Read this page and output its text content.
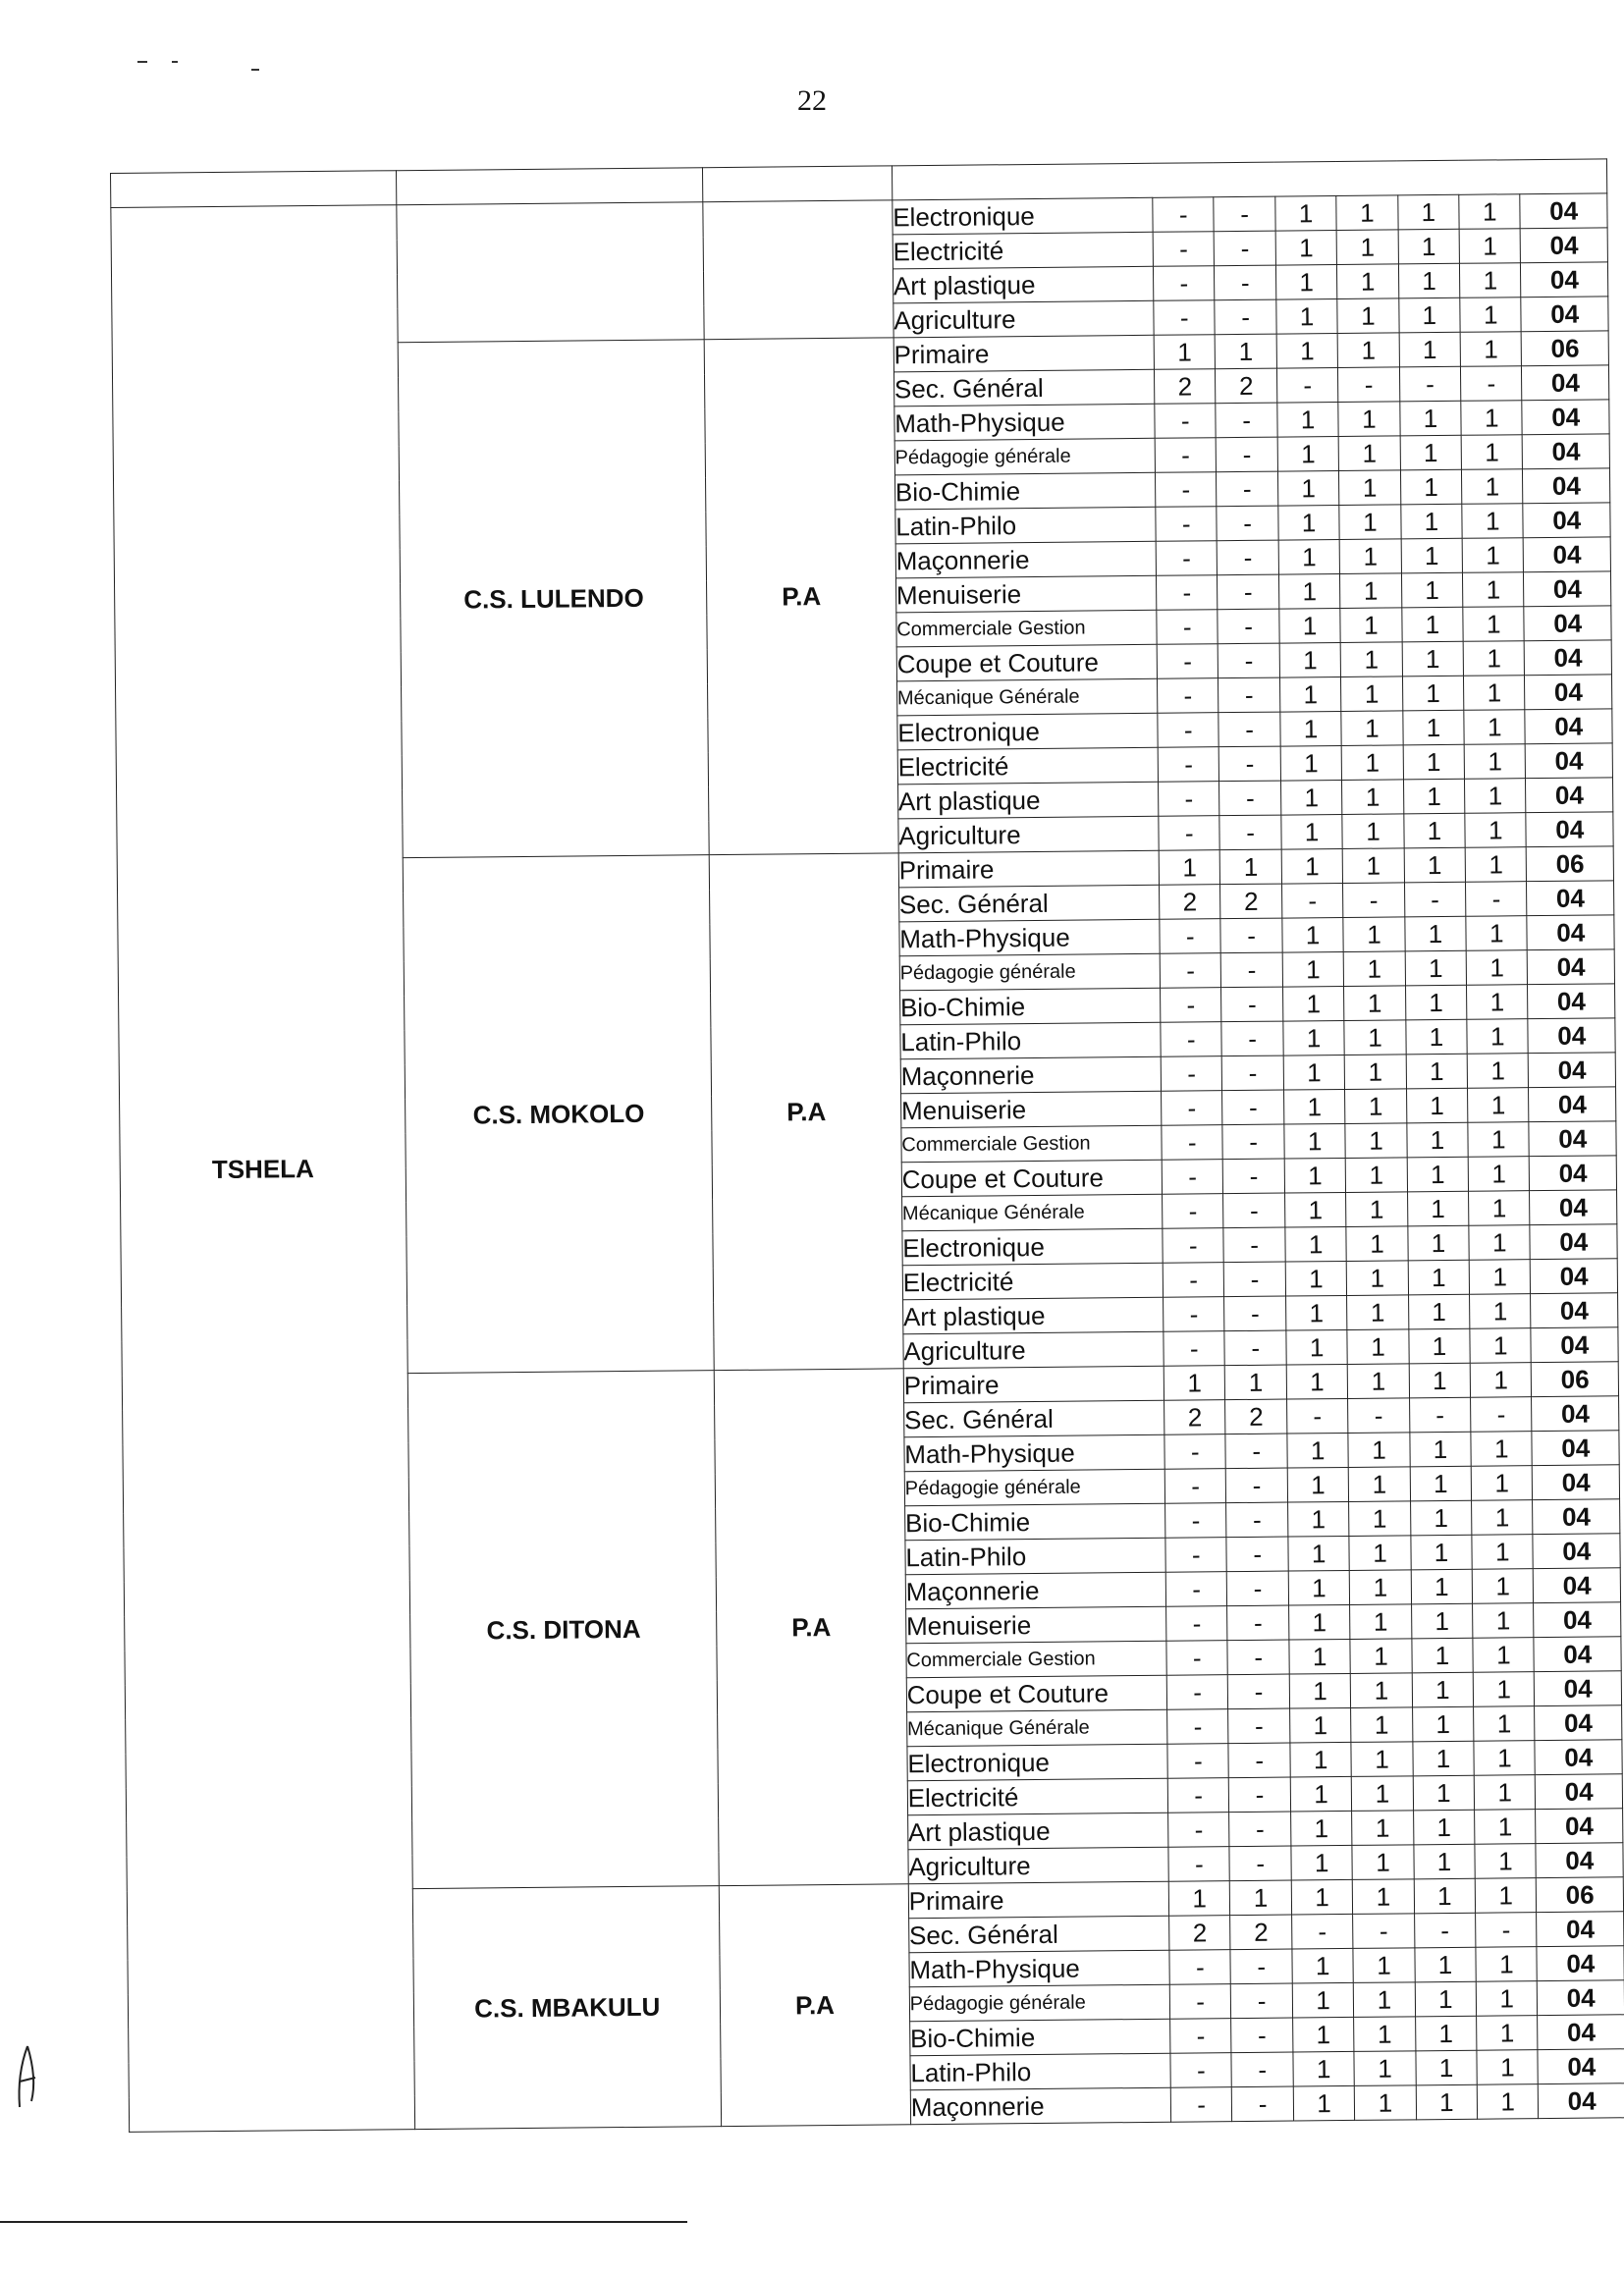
22

TSHELA			Electronique	-	-	1	1	1	1	04
			Electricité	-	-	1	1	1	1	04
			Art plastique	-	-	1	1	1	1	04
			Agriculture	-	-	1	1	1	1	04
	C.S. LULENDO	P.A	Primaire	1	1	1	1	1	1	06
			Sec. Général	2	2	-	-	-	-	04
			Math-Physique	-	-	1	1	1	1	04
			Pédagogie générale	-	-	1	1	1	1	04
			Bio-Chimie	-	-	1	1	1	1	04
			Latin-Philo	-	-	1	1	1	1	04
			Maçonnerie	-	-	1	1	1	1	04
			Menuiserie	-	-	1	1	1	1	04
			Commerciale Gestion	-	-	1	1	1	1	04
			Coupe et Couture	-	-	1	1	1	1	04
			Mécanique Générale	-	-	1	1	1	1	04
			Electronique	-	-	1	1	1	1	04
			Electricité	-	-	1	1	1	1	04
			Art plastique	-	-	1	1	1	1	04
			Agriculture	-	-	1	1	1	1	04
	C.S. MOKOLO	P.A	Primaire	1	1	1	1	1	1	06
			Sec. Général	2	2	-	-	-	-	04
			Math-Physique	-	-	1	1	1	1	04
			Pédagogie générale	-	-	1	1	1	1	04
			Bio-Chimie	-	-	1	1	1	1	04
			Latin-Philo	-	-	1	1	1	1	04
			Maçonnerie	-	-	1	1	1	1	04
			Menuiserie	-	-	1	1	1	1	04
			Commerciale Gestion	-	-	1	1	1	1	04
			Coupe et Couture	-	-	1	1	1	1	04
			Mécanique Générale	-	-	1	1	1	1	04
			Electronique	-	-	1	1	1	1	04
			Electricité	-	-	1	1	1	1	04
			Art plastique	-	-	1	1	1	1	04
			Agriculture	-	-	1	1	1	1	04
	C.S. DITONA	P.A	Primaire	1	1	1	1	1	1	06
			Sec. Général	2	2	-	-	-	-	04
			Math-Physique	-	-	1	1	1	1	04
			Pédagogie générale	-	-	1	1	1	1	04
			Bio-Chimie	-	-	1	1	1	1	04
			Latin-Philo	-	-	1	1	1	1	04
			Maçonnerie	-	-	1	1	1	1	04
			Menuiserie	-	-	1	1	1	1	04
			Commerciale Gestion	-	-	1	1	1	1	04
			Coupe et Couture	-	-	1	1	1	1	04
			Mécanique Générale	-	-	1	1	1	1	04
			Electronique	-	-	1	1	1	1	04
			Electricité	-	-	1	1	1	1	04
			Art plastique	-	-	1	1	1	1	04
			Agriculture	-	-	1	1	1	1	04
	C.S. MBAKULU	P.A	Primaire	1	1	1	1	1	1	06
			Sec. Général	2	2	-	-	-	-	04
			Math-Physique	-	-	1	1	1	1	04
			Pédagogie générale	-	-	1	1	1	1	04
			Bio-Chimie	-	-	1	1	1	1	04
			Latin-Philo	-	-	1	1	1	1	04
			Maçonnerie	-	-	1	1	1	1	04
